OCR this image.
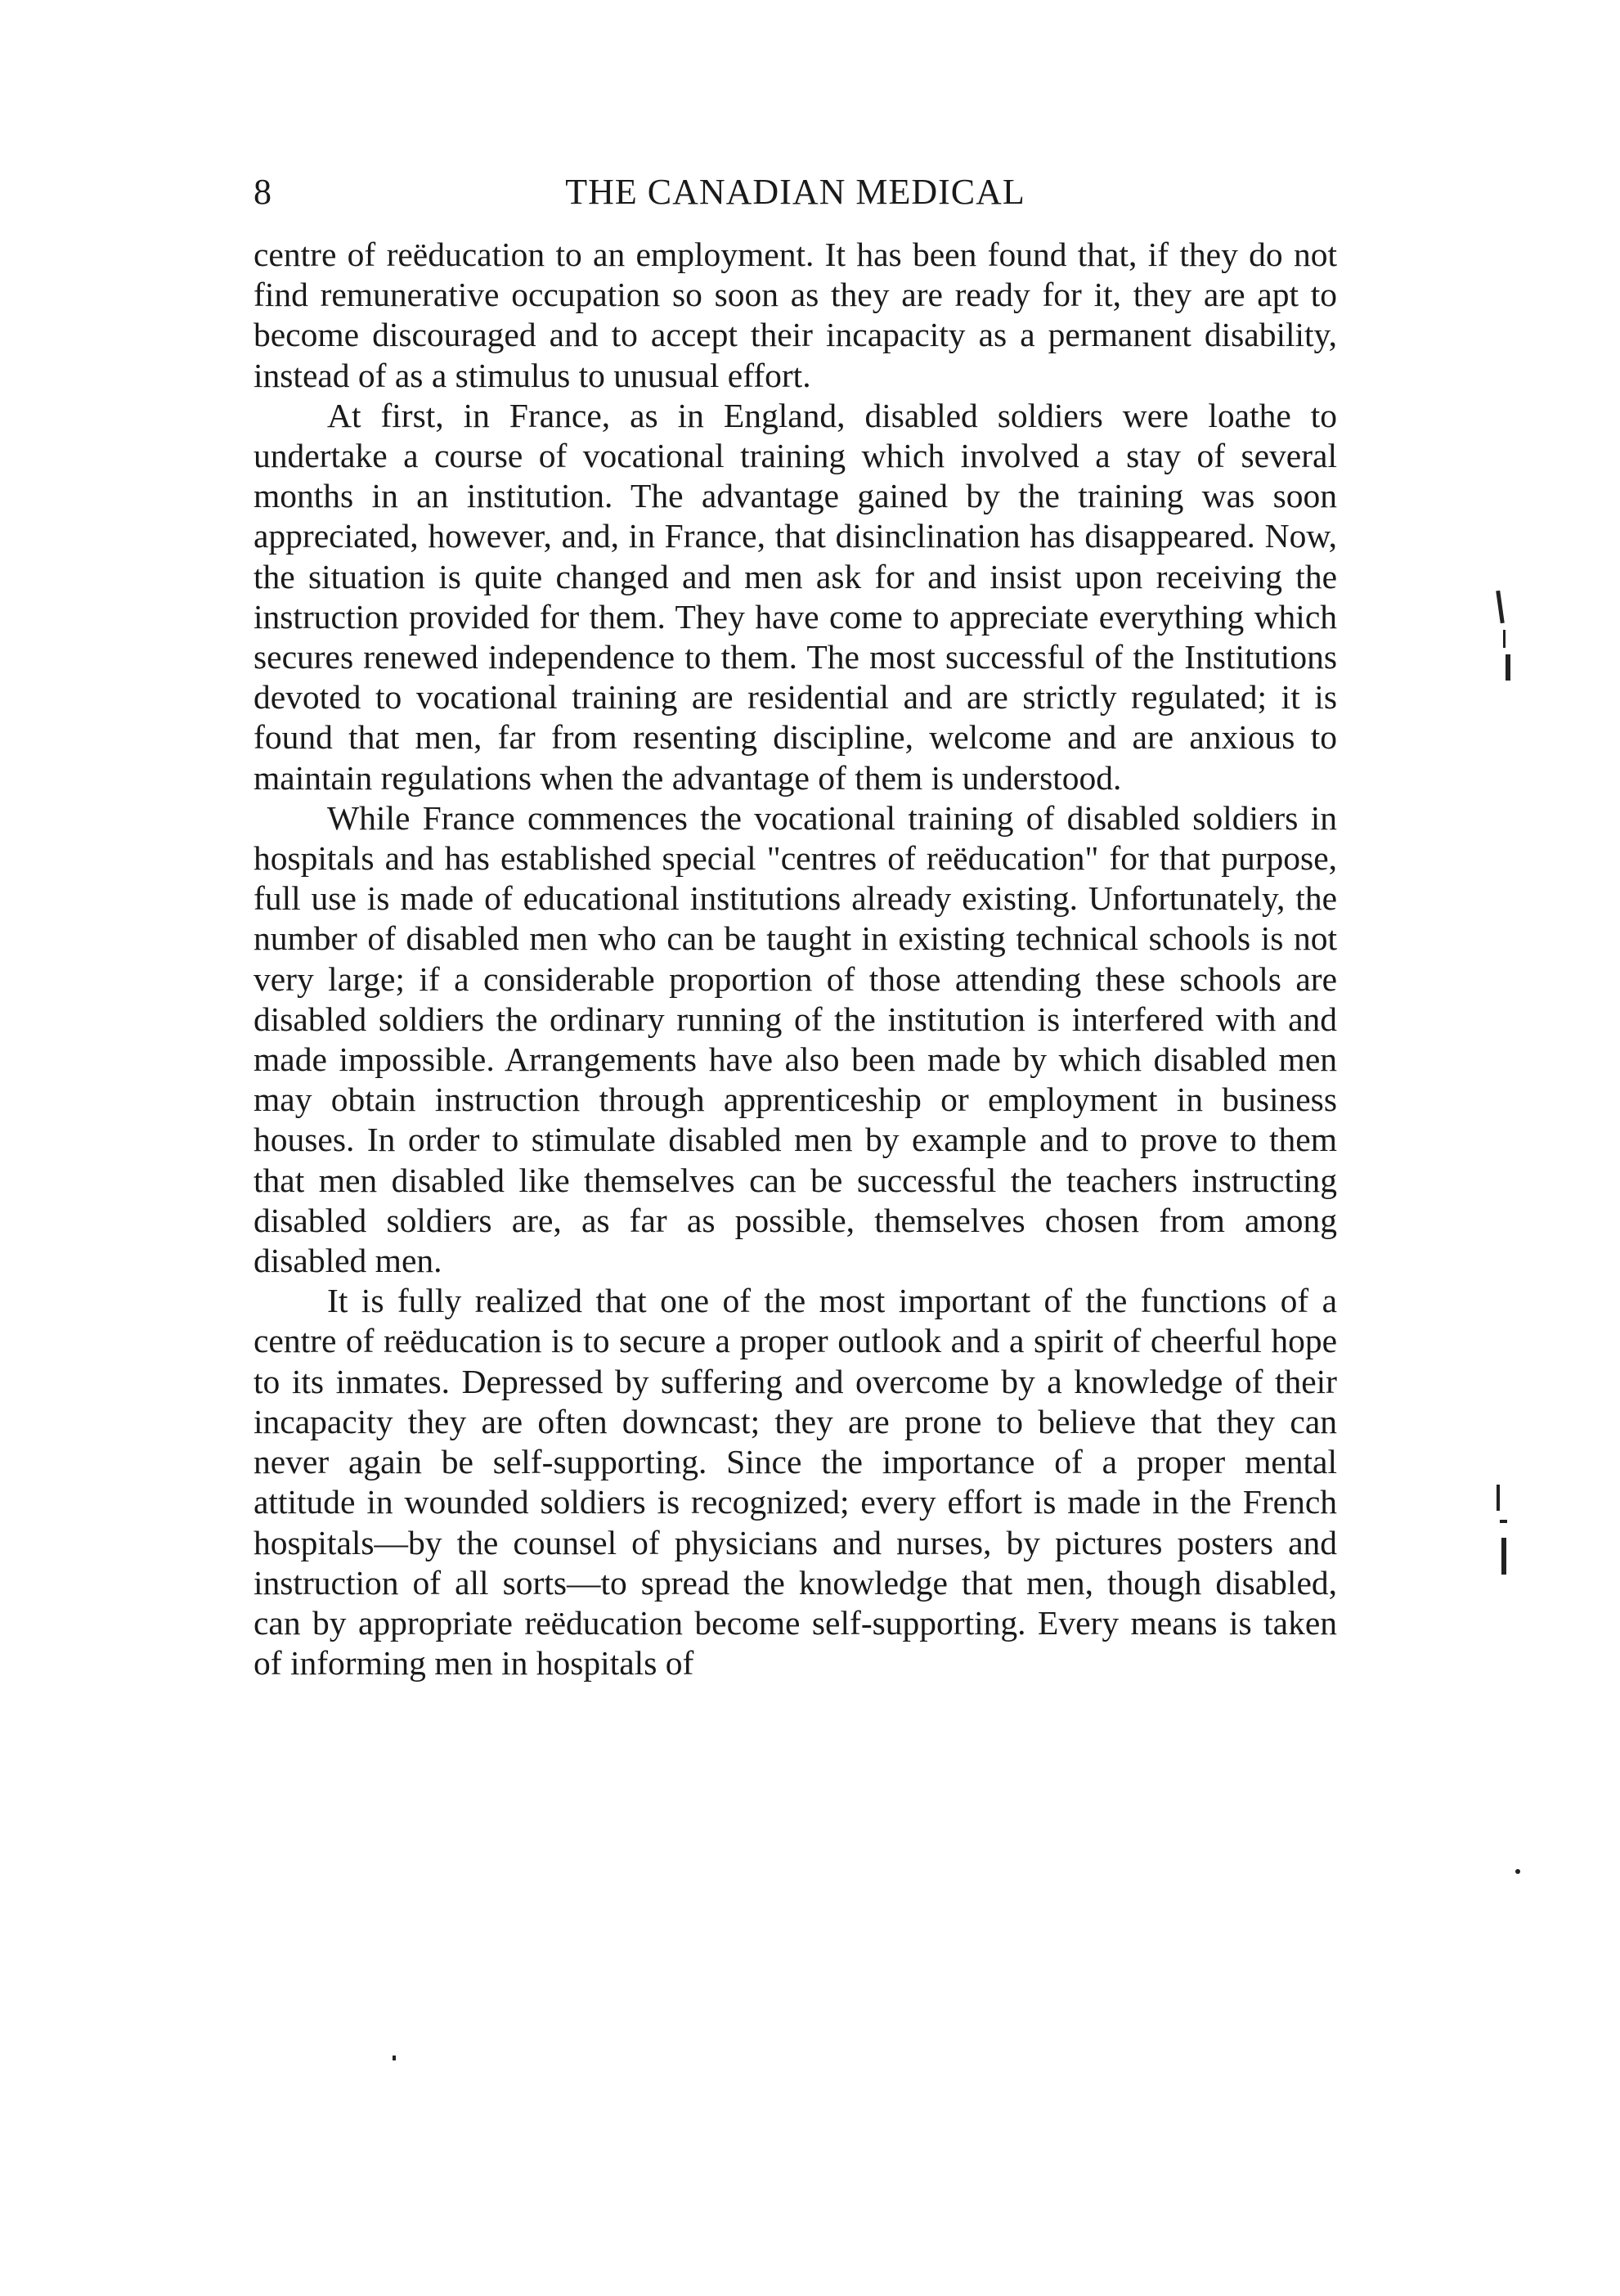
8	THE CANADIAN MEDICAL

centre of reëducation to an employment. It has been found that, if they do not find remunerative occupation so soon as they are ready for it, they are apt to become discouraged and to accept their incapacity as a permanent disability, instead of as a stimulus to unusual effort.

At first, in France, as in England, disabled soldiers were loathe to undertake a course of vocational training which involved a stay of several months in an institution. The advantage gained by the training was soon appreciated, however, and, in France, that disinclination has disappeared. Now, the situation is quite changed and men ask for and insist upon receiving the instruction provided for them. They have come to appreciate everything which secures renewed independence to them. The most successful of the Institutions devoted to vocational training are residential and are strictly regulated; it is found that men, far from resenting discipline, welcome and are anxious to maintain regulations when the advantage of them is understood.

While France commences the vocational training of disabled soldiers in hospitals and has established special "centres of reëducation" for that purpose, full use is made of educational institutions already existing. Unfortunately, the number of disabled men who can be taught in existing technical schools is not very large; if a considerable proportion of those attending these schools are disabled soldiers the ordinary running of the institution is interfered with and made impossible. Arrangements have also been made by which disabled men may obtain instruction through apprenticeship or employment in business houses. In order to stimulate disabled men by example and to prove to them that men disabled like themselves can be successful the teachers instructing disabled soldiers are, as far as possible, themselves chosen from among disabled men.

It is fully realized that one of the most important of the functions of a centre of reëducation is to secure a proper outlook and a spirit of cheerful hope to its inmates. Depressed by suffering and overcome by a knowledge of their incapacity they are often downcast; they are prone to believe that they can never again be self-supporting. Since the importance of a proper mental attitude in wounded soldiers is recognized; every effort is made in the French hospitals—by the counsel of physicians and nurses, by pictures posters and instruction of all sorts—to spread the knowledge that men, though disabled, can by appropriate reëducation become self-supporting. Every means is taken of informing men in hospitals of
